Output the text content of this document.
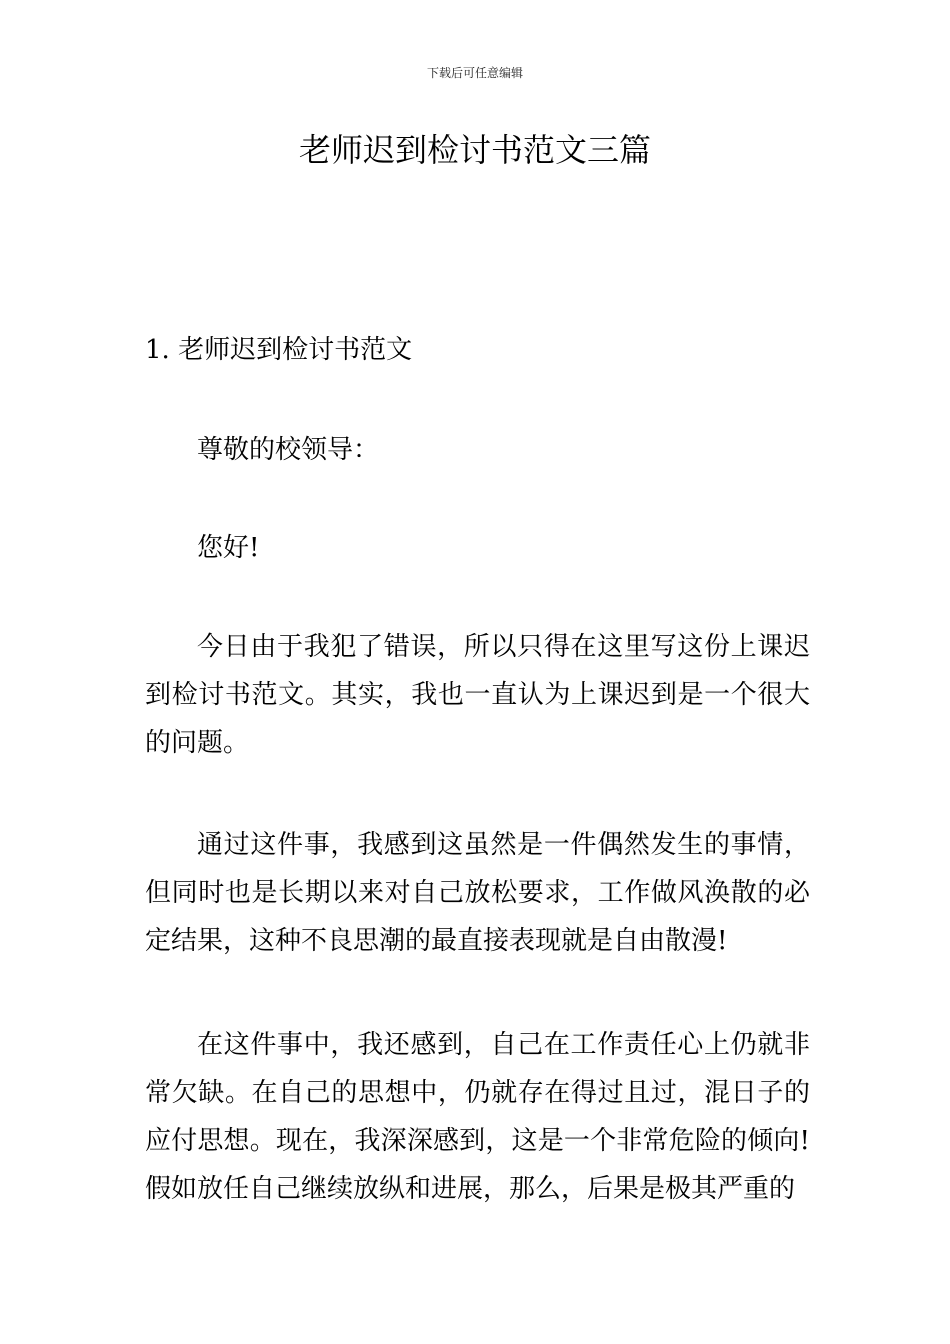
下载后可任意编辑
老师迟到检讨书范文三篇

1. 老师迟到检讨书范文

尊敬的校领导：

您好!

今日由于我犯了错误，所以只得在这里写这份上课迟到检讨书范文。其实，我也一直认为上课迟到是一个很大的问题。

通过这件事，我感到这虽然是一件偶然发生的事情，但同时也是长期以来对自己放松要求，工作做风涣散的必定结果，这种不良思潮的最直接表现就是自由散漫!

在这件事中，我还感到，自己在工作责任心上仍就非常欠缺。在自己的思想中，仍就存在得过且过，混日子的应付思想。现在，我深深感到，这是一个非常危险的倾向!假如放任自己继续放纵和进展，那么，后果是极其严重的
